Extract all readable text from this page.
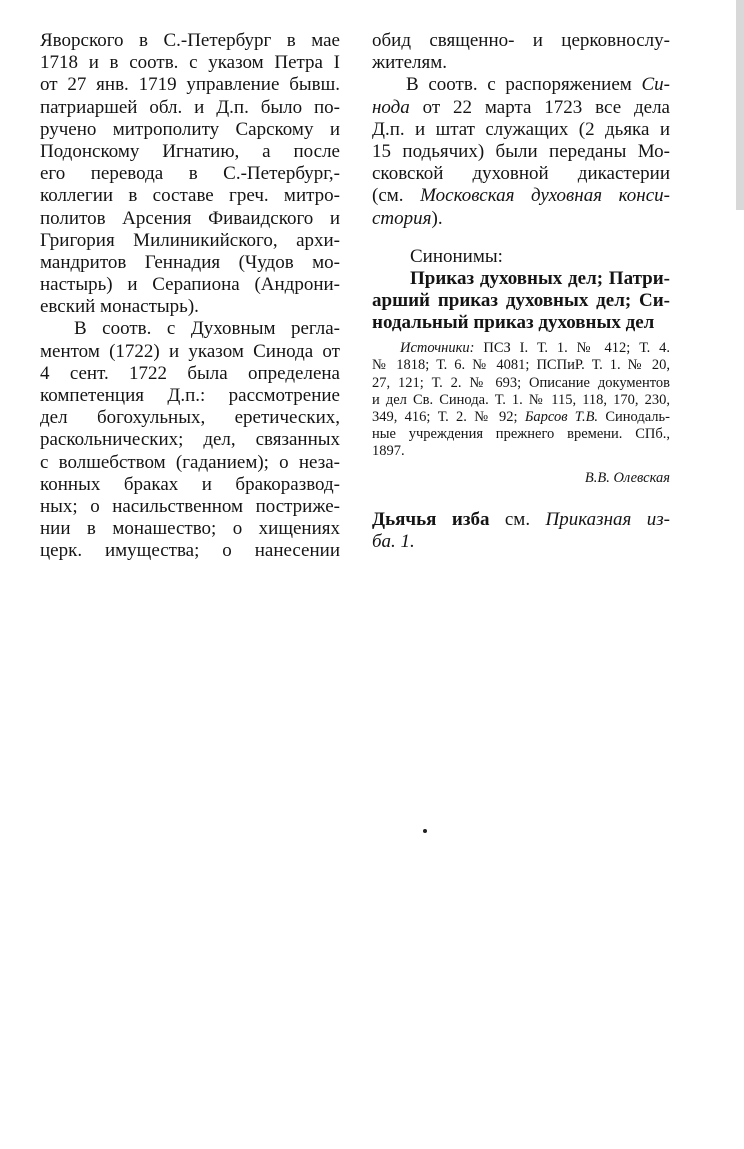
Яворского в С.-Петербург в мае
1718 и в соотв. с указом Петра I
от 27 янв. 1719 управление бывш.
патриаршей обл. и Д.п. было по-
ручено митрополиту Сарскому и
Подонскому Игнатию, а после
его перевода в С.-Петербург,-
коллегии в составе греч. митро-
политов Арсения Фиваидского и
Григория Милиникийского, архи-
мандритов Геннадия (Чудов мо-
настырь) и Серапиона (Андрони-
евский монастырь).
В соотв. с Духовным регла-
ментом (1722) и указом Синода от
4 сент. 1722 была определена
компетенция Д.п.: рассмотрение
дел богохульных, еретических,
раскольнических; дел, связанных
с волшебством (гаданием); о неза-
конных браках и бракоразвод-
ных; о насильственном постриже-
нии в монашество; о хищениях
церк. имущества; о нанесении
обид священно- и церковнослу-
жителям.
В соотв. с распоряжением Си-
нода от 22 марта 1723 все дела
Д.п. и штат служащих (2 дьяка и
15 подьячих) были переданы Мо-
сковской духовной дикастерии
(см. Московская духовная конси-
стория).
Синонимы:
Приказ духовных дел; Патри-
арший приказ духовных дел; Си-
нодальный приказ духовных дел
Источники: ПСЗ I. Т. 1. № 412; Т. 4.
№ 1818; Т. 6. № 4081; ПСПиР. Т. 1. № 20,
27, 121; Т. 2. № 693; Описание документов
и дел Св. Синода. Т. 1. № 115, 118, 170, 230,
349, 416; Т. 2. № 92; Барсов Т.В. Синодаль-
ные учреждения прежнего времени. СПб.,
1897.
В.В. Олевская
Дьячья изба см. Приказная из-
ба. 1.
